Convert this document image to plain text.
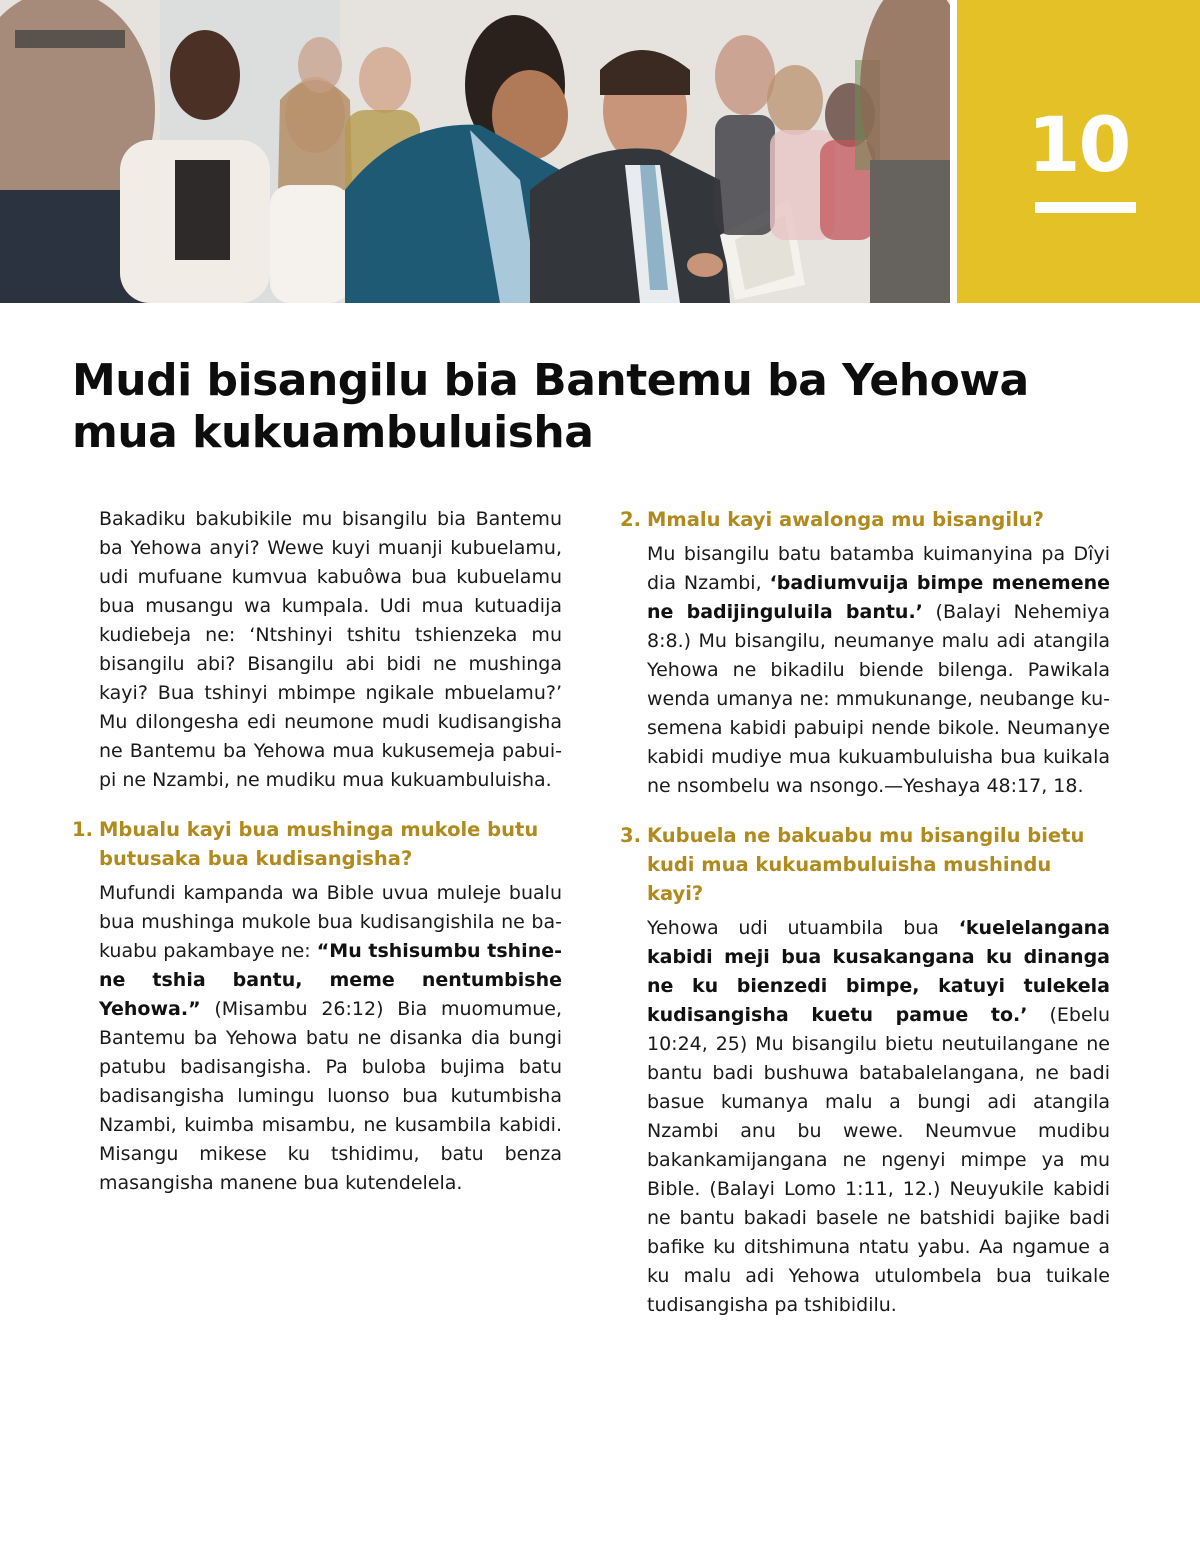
10
Mudi bisangilu bia Bantemu ba Yehowa mua kukuambuluisha

Bakadiku bakubikile mu bisangilu bia Bantemu ba Yehowa anyi? Wewe kuyi muanji kubuelamu, udi mufuane kumvua kabuôwa bua kubuelamu bua musangu wa kumpala. Udi mua kutuadija kudiebeja ne: ‘Ntshinyi tshitu tshienzeka mu bisangilu abi? Bisangilu abi bidi ne mushinga kayi? Bua tshinyi mbimpe ngikale mbuelamu?’ Mu dilongesha edi neumone mudi kudisangisha ne Bantemu ba Yehowa mua kukusemeja pabuipi ne Nzambi, ne mudiku mua kukuambuluisha.

1. Mbualu kayi bua mushinga mukole butu butusaka bua kudisangisha?

Mufundi kampanda wa Bible uvua muleje bualu bua mushinga mukole bua kudisangishila ne bakuabu pakambaye ne: “Mu tshisumbu tshinene tshia bantu, meme nentumbishe Yehowa.” (Misambu 26:12) Bia muomumue, Bantemu ba Yehowa batu ne disanka dia bungi patubu badisangisha. Pa buloba bujima batu badisangisha lumingu luonso bua kutumbisha Nzambi, kuimba misambu, ne kusambila kabidi. Misangu mikese ku tshidimu, batu benza masangisha manene bua kutendelela.

2. Mmalu kayi awalonga mu bisangilu?

Mu bisangilu batu batamba kuimanyina pa Dîyi dia Nzambi, ‘badiumvuija bimpe menemene ne badijinguluila bantu.’ (Balayi Nehemiya 8:8.) Mu bisangilu, neumanye malu adi atangila Yehowa ne bikadilu biende bilenga. Pawikala wenda umanya ne: mmukunange, neubange kusemena kabidi pabuipi nende bikole. Neumanye kabidi mudiye mua kukuambuluisha bua kuikala ne nsombelu wa nsongo.—Yeshaya 48:17, 18.

3. Kubuela ne bakuabu mu bisangilu bietu kudi mua kukuambuluisha mushindu kayi?

Yehowa udi utuambila bua ‘kuelelangana kabidi meji bua kusakangana ku dinanga ne ku bienzedi bimpe, katuyi tulekela kudisangisha kuetu pamue to.’ (Ebelu 10:24, 25) Mu bisangilu bietu neutuilangane ne bantu badi bushuwa batabalelangana, ne badi basue kumanya malu a bungi adi atangila Nzambi anu bu wewe. Neumvue mudibu bakankamijangana ne ngenyi mimpe ya mu Bible. (Balayi Lomo 1:11, 12.) Neuyukile kabidi ne bantu bakadi basele ne batshidi bajike badi bafike ku ditshimuna ntatu yabu. Aa ngamue a ku malu adi Yehowa utulombela bua tuikale tudisangisha pa tshibidilu.
